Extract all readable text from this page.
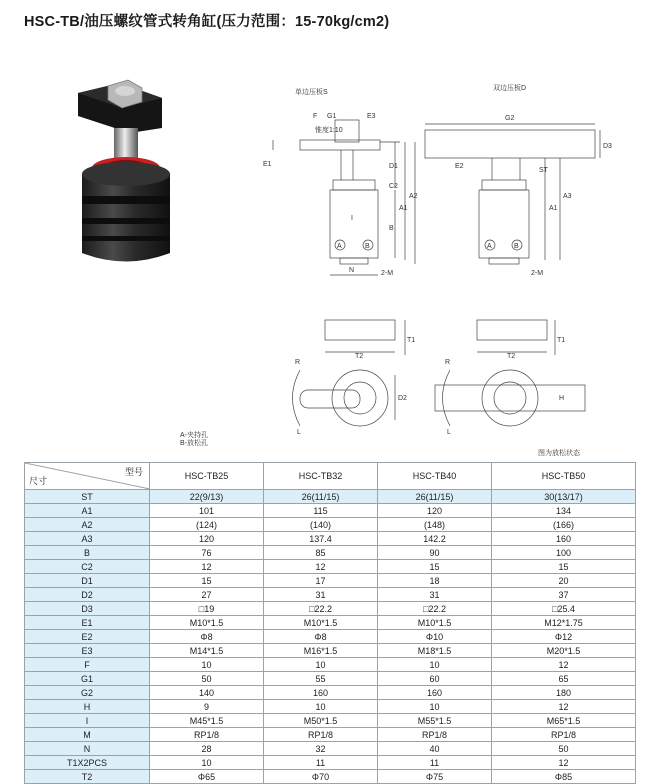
HSC-TB/油压螺纹管式转角缸(压力范围：15-70kg/cm2)
单边压板S
双边压板D
F G1	E3
锥度1:10
E1	D1
C2
B
A1
A2
I
A	B
N	2-M
G2
D3
E2
ST
A1
A3
A	B
2-M
T2	T2
T1	T1
R	R
L	L
D2	H
A-夹持孔
B-放松孔
图为放松状态
型号
尺寸	HSC-TB25	HSC-TB32	HSC-TB40	HSC-TB50
ST	22(9/13)	26(11/15)	26(11/15)	30(13/17)
A1	101	115	120	134
A2	(124)	(140)	(148)	(166)
A3	120	137.4	142.2	160
B	76	85	90	100
C2	12	12	15	15
D1	15	17	18	20
D2	27	31	31	37
D3	□19	□22.2	□22.2	□25.4
E1	M10*1.5	M10*1.5	M10*1.5	M12*1.75
E2	Φ8	Φ8	Φ10	Φ12
E3	M14*1.5	M16*1.5	M18*1.5	M20*1.5
F	10	10	10	12
G1	50	55	60	65
G2	140	160	160	180
H	9	10	10	12
I	M45*1.5	M50*1.5	M55*1.5	M65*1.5
M	RP1/8	RP1/8	RP1/8	RP1/8
N	28	32	40	50
T1X2PCS	10	11	11	12
T2	Φ65	Φ70	Φ75	Φ85
